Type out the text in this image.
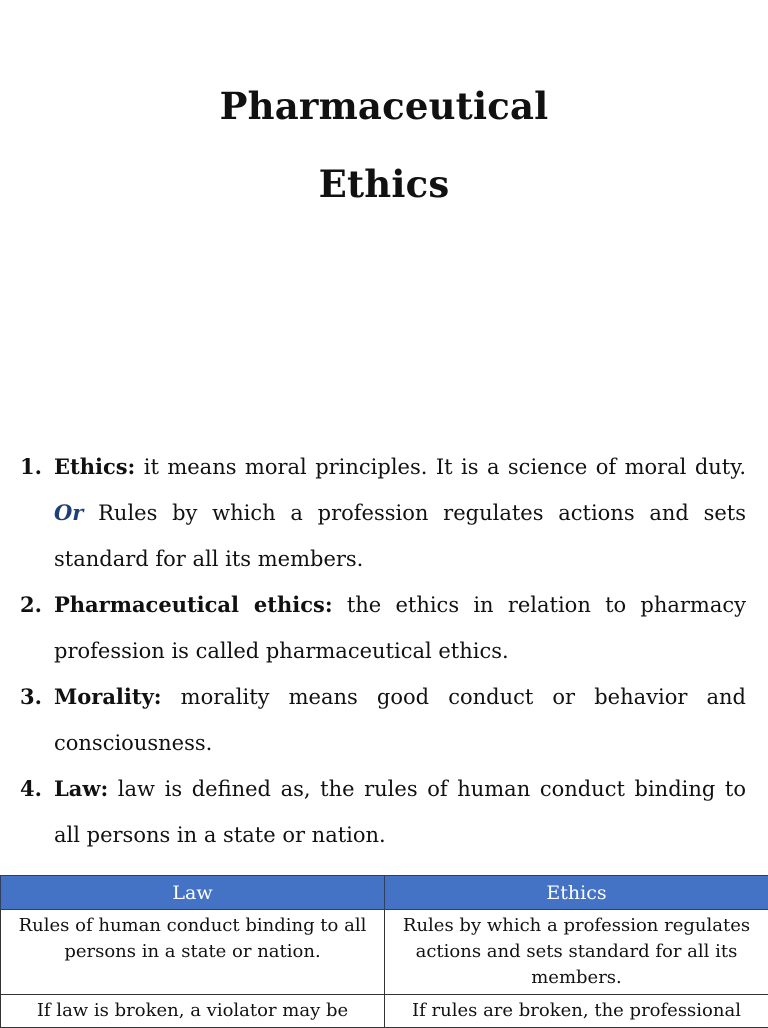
Pharmaceutical
Ethics
1. Ethics: it means moral principles. It is a science of moral duty. Or Rules by which a profession regulates actions and sets standard for all its members.
2. Pharmaceutical ethics: the ethics in relation to pharmacy profession is called pharmaceutical ethics.
3. Morality: morality means good conduct or behavior and consciousness.
4. Law: law is defined as, the rules of human conduct binding to all persons in a state or nation.
Law	Ethics
Rules of human conduct binding to all persons in a state or nation.	Rules by which a profession regulates actions and sets standard for all its members.
If law is broken, a violator may be	If rules are broken, the professional
